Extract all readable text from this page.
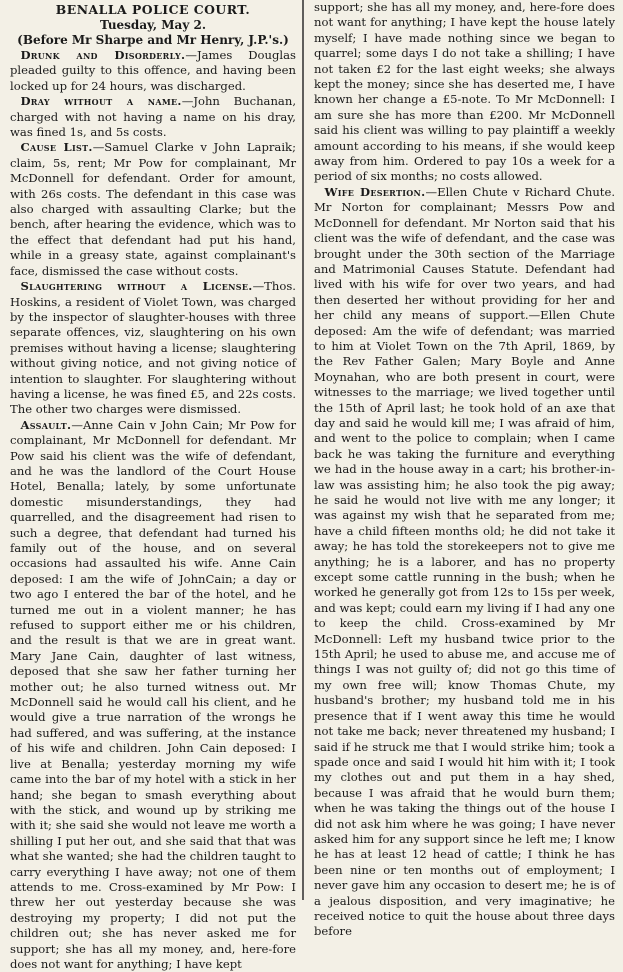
BENALLA POLICE COURT.

Tuesday, May 2.

(Before Mr Sharpe and Mr Henry, J.P.'s.)

Drunk and Disorderly.—James Douglas pleaded guilty to this offence, and having been locked up for 24 hours, was discharged.

Dray without a name.—John Buchanan, charged with not having a name on his dray, was fined 1s, and 5s costs.

Cause List.—Samuel Clarke v John Lapraik; claim, 5s, rent; Mr Pow for complainant, Mr McDonnell for defendant. Order for amount, with 26s costs. The defendant in this case was also charged with assaulting Clarke; but the bench, after hearing the evidence, which was to the effect that defendant had put his hand, while in a greasy state, against complainant's face, dismissed the case without costs.

Slaughtering without a License.—Thos. Hoskins, a resident of Violet Town, was charged by the inspector of slaughter-houses with three separate offences, viz, slaughtering on his own premises without having a license; slaughtering without giving notice, and not giving notice of intention to slaughter. For slaughtering without having a license, he was fined £5, and 22s costs. The other two charges were dismissed.

Assault.—Anne Cain v John Cain; Mr Pow for complainant, Mr McDonnell for defendant. Mr Pow said his client was the wife of defendant, and he was the landlord of the Court House Hotel, Benalla; lately, by some unfortunate domestic misunderstandings, they had quarrelled, and the disagreement had risen to such a degree, that defendant had turned his family out of the house, and on several occasions had assaulted his wife. Anne Cain deposed: I am the wife of JohnCain; a day or two ago I entered the bar of the hotel, and he turned me out in a violent manner; he has refused to support either me or his children, and the result is that we are in great want. Mary Jane Cain, daughter of last witness, deposed that she saw her father turning her mother out; he also turned witness out. Mr McDonnell said he would call his client, and he would give a true narration of the wrongs he had suffered, and was suffering, at the instance of his wife and children. John Cain deposed: I live at Benalla; yesterday morning my wife came into the bar of my hotel with a stick in her hand; she began to smash everything about with the stick, and wound up by striking me with it; she said she would not leave me worth a shilling I put her out, and she said that that was what she wanted; she had the children taught to carry everything I have away; not one of them attends to me. Cross-examined by Mr Pow: I threw her out yesterday because she was destroying my property; I did not put the children out; she has never asked me for support; she has all my money, and, here-fore does not want for anything; I have kept

support; she has all my money, and, here-fore does not want for anything; I have kept the house lately myself; I have made nothing since we began to quarrel; some days I do not take a shilling; I have not taken £2 for the last eight weeks; she always kept the money; since she has deserted me, I have known her change a £5-note. To Mr McDonnell: I am sure she has more than £200. Mr McDonnell said his client was willing to pay plaintiff a weekly amount according to his means, if she would keep away from him. Ordered to pay 10s a week for a period of six months; no costs allowed.

Wife Desertion.—Ellen Chute v Richard Chute. Mr Norton for complainant; Messrs Pow and McDonnell for defendant. Mr Norton said that his client was the wife of defendant, and the case was brought under the 30th section of the Marriage and Matrimonial Causes Statute. Defendant had lived with his wife for over two years, and had then deserted her without providing for her and her child any means of support.—Ellen Chute deposed: Am the wife of defendant; was married to him at Violet Town on the 7th April, 1869, by the Rev Father Galen; Mary Boyle and Anne Moynahan, who are both present in court, were witnesses to the marriage; we lived together until the 15th of April last; he took hold of an axe that day and said he would kill me; I was afraid of him, and went to the police to complain; when I came back he was taking the furniture and everything we had in the house away in a cart; his brother-in-law was assisting him; he also took the pig away; he said he would not live with me any longer; it was against my wish that he separated from me; have a child fifteen months old; he did not take it away; he has told the storekeepers not to give me anything; he is a laborer, and has no property except some cattle running in the bush; when he worked he generally got from 12s to 15s per week, and was kept; could earn my living if I had any one to keep the child. Cross-examined by Mr McDonnell: Left my husband twice prior to the 15th April; he used to abuse me, and accuse me of things I was not guilty of; did not go this time of my own free will; know Thomas Chute, my husband's brother; my husband told me in his presence that if I went away this time he would not take me back; never threatened my husband; I said if he struck me that I would strike him; took a spade once and said I would hit him with it; I took my clothes out and put them in a hay shed, because I was afraid that he would burn them; when he was taking the things out of the house I did not ask him where he was going; I have never asked him for any support since he left me; I know he has at least 12 head of cattle; I think he has been nine or ten months out of employment; I never gave him any occasion to desert me; he is of a jealous disposition, and very imaginative; he received notice to quit the house about three days before
